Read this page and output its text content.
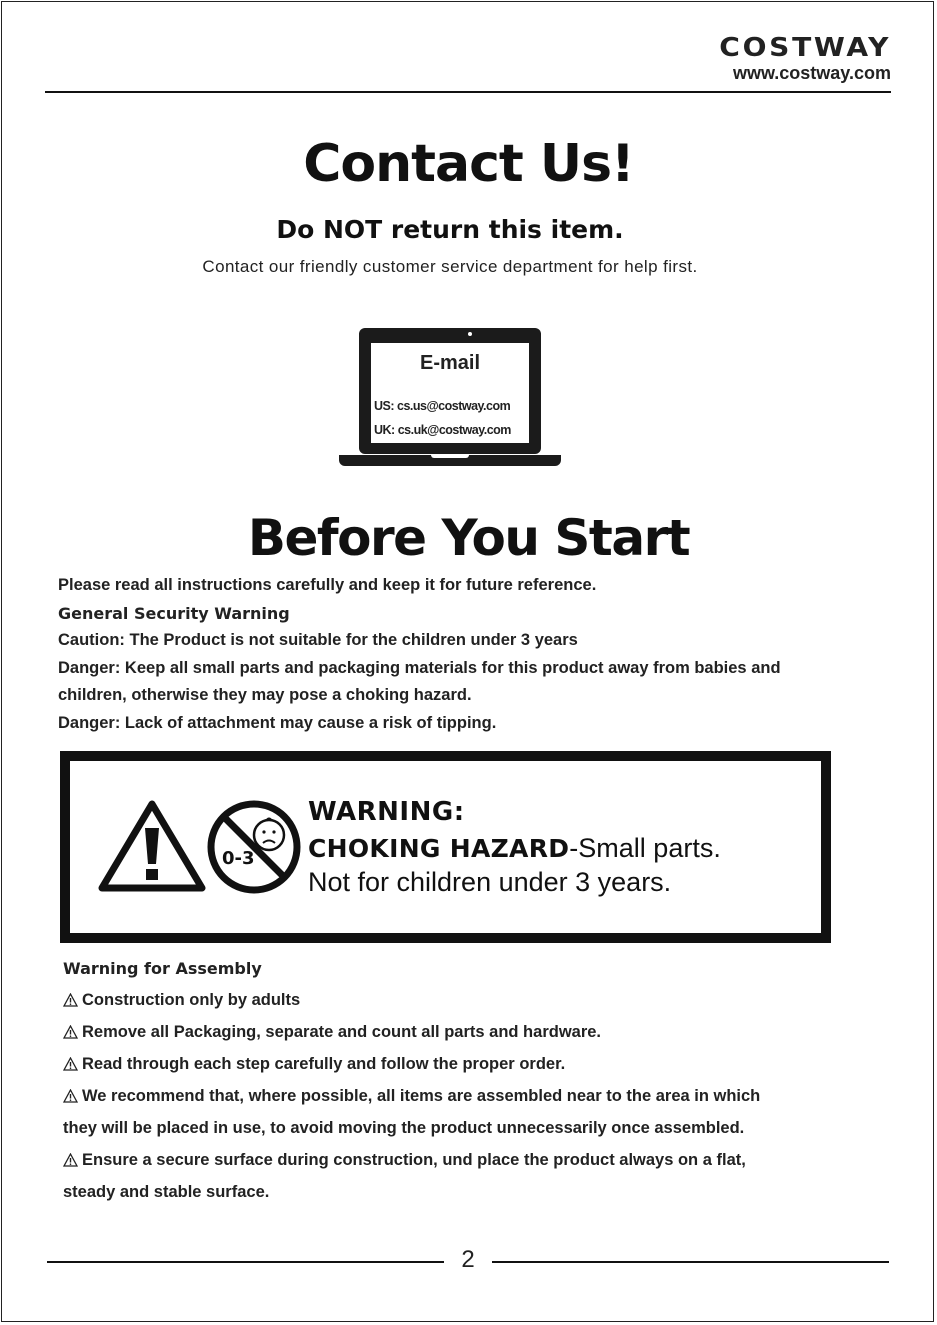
COSTWAY
www.costway.com
Contact Us!
Do NOT return this item.
Contact our friendly customer service department for help first.
E-mail
US: cs.us@costway.com
UK: cs.uk@costway.com
Before You Start
Please read all instructions carefully and keep it for future reference.
General Security Warning
Caution: The Product is not suitable for the children under 3 years
Danger: Keep all small parts and packaging materials for this product away from babies and
children, otherwise they may pose a choking hazard.
Danger: Lack of attachment may cause a risk of tipping.
0-3
WARNING:
CHOKING HAZARD-Small parts.
Not for children under 3 years.
Warning for Assembly
Construction only by adults
Remove all Packaging, separate and count all parts and hardware.
Read through each step carefully and follow the proper order.
We recommend that, where possible, all items are assembled near to the area in which
they will be placed in use, to avoid moving the product unnecessarily once assembled.
Ensure a secure surface during construction, und place the product always on a flat,
steady and stable surface.
2
